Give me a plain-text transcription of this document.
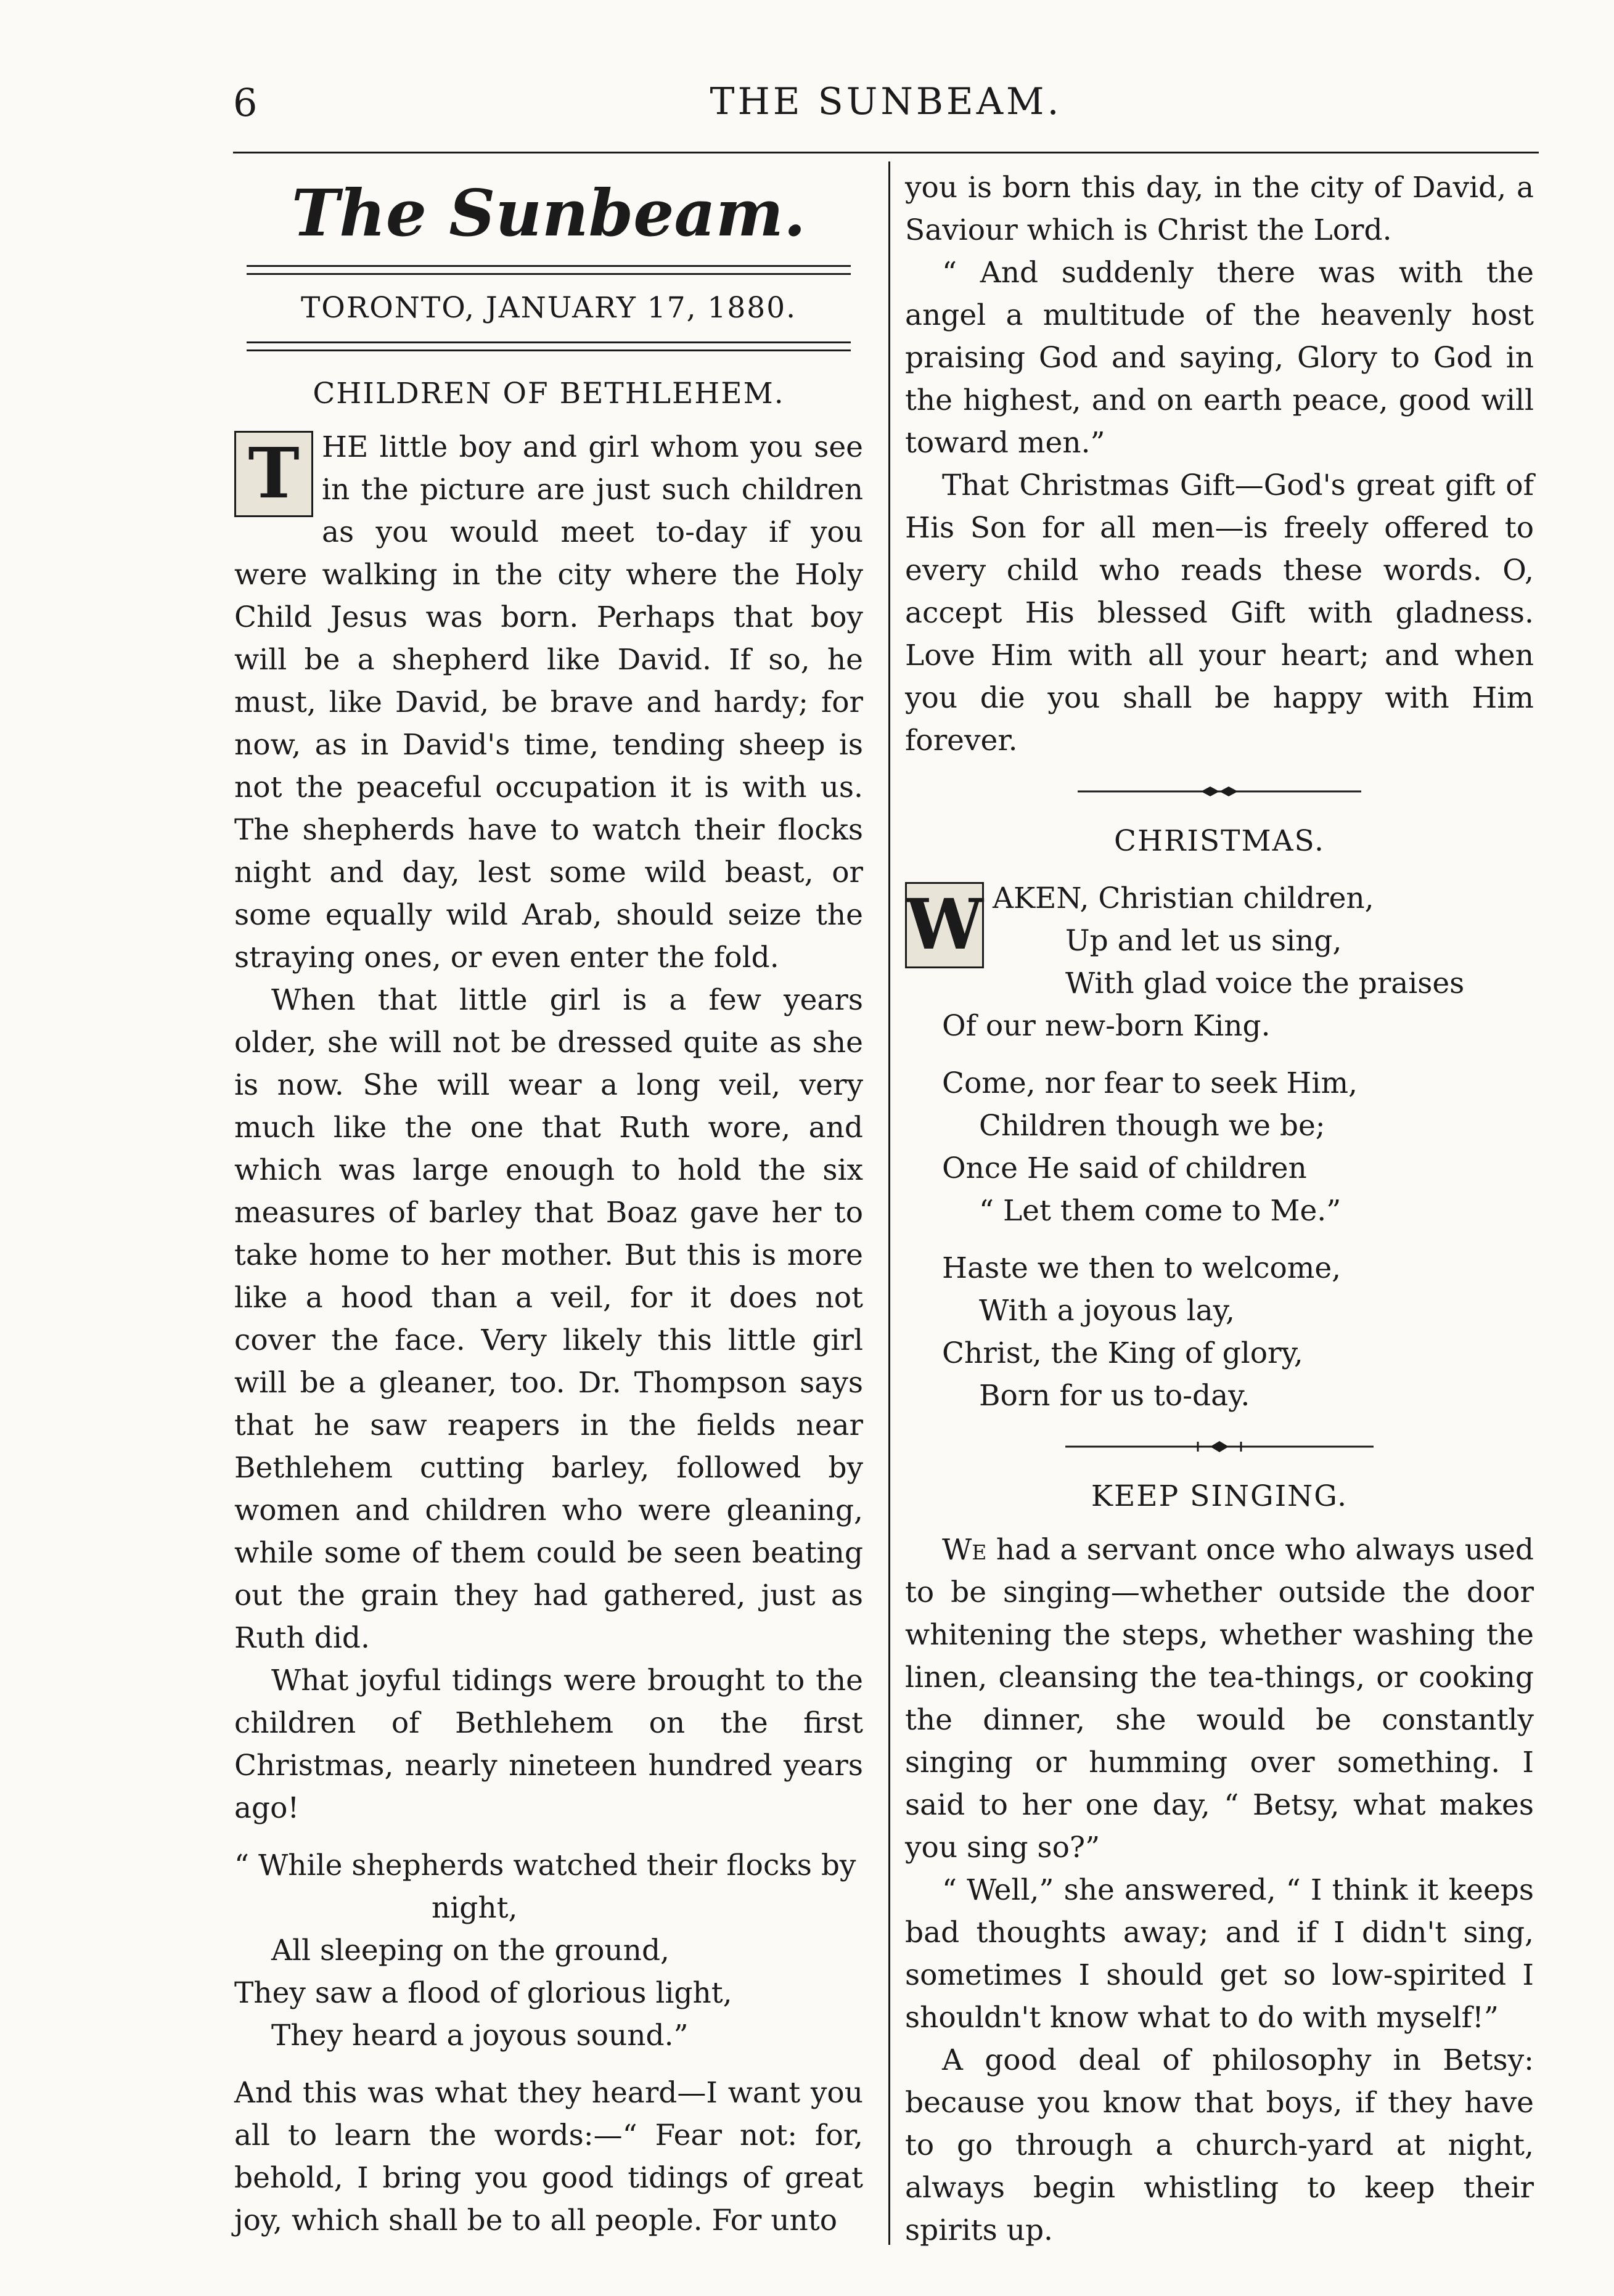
6	THE SUNBEAM.
The Sunbeam.
TORONTO, JANUARY 17, 1880.
CHILDREN OF BETHLEHEM.

T HE little boy and girl whom you see in the picture are just such children as you would meet to-day if you were walking in the city where the Holy Child Jesus was born. Perhaps that boy will be a shepherd like David. If so, he must, like David, be brave and hardy; for now, as in David's time, tending sheep is not the peaceful occupation it is with us. The shepherds have to watch their flocks night and day, lest some wild beast, or some equally wild Arab, should seize the straying ones, or even enter the fold.

When that little girl is a few years older, she will not be dressed quite as she is now. She will wear a long veil, very much like the one that Ruth wore, and which was large enough to hold the six measures of barley that Boaz gave her to take home to her mother. But this is more like a hood than a veil, for it does not cover the face. Very likely this little girl will be a gleaner, too. Dr. Thompson says that he saw reapers in the fields near Bethlehem cutting barley, followed by women and children who were gleaning, while some of them could be seen beating out the grain they had gathered, just as Ruth did.

What joyful tidings were brought to the children of Bethlehem on the first Christmas, nearly nineteen hundred years ago!

“ While shepherds watched their flocks by
night,
All sleeping on the ground,
They saw a flood of glorious light,
They heard a joyous sound.”

And this was what they heard—I want you all to learn the words:—“ Fear not: for, behold, I bring you good tidings of great joy, which shall be to all people. For unto

you is born this day, in the city of David, a Saviour which is Christ the Lord.

“ And suddenly there was with the angel a multitude of the heavenly host praising God and saying, Glory to God in the highest, and on earth peace, good will toward men.”

That Christmas Gift—God's great gift of His Son for all men—is freely offered to every child who reads these words. O, accept His blessed Gift with gladness. Love Him with all your heart; and when you die you shall be happy with Him forever.

CHRISTMAS.
W AKEN, Christian children,
Up and let us sing,
With glad voice the praises
Of our new-born King.
Come, nor fear to seek Him,
Children though we be;
Once He said of children
“ Let them come to Me.”
Haste we then to welcome,
With a joyous lay,
Christ, the King of glory,
Born for us to-day.
KEEP SINGING.

We had a servant once who always used to be singing—whether outside the door whitening the steps, whether washing the linen, cleansing the tea-things, or cooking the dinner, she would be constantly singing or humming over something. I said to her one day, “ Betsy, what makes you sing so?”

“ Well,” she answered, “ I think it keeps bad thoughts away; and if I didn't sing, sometimes I should get so low-spirited I shouldn't know what to do with myself!”

A good deal of philosophy in Betsy: because you know that boys, if they have to go through a church-yard at night, always begin whistling to keep their spirits up.
